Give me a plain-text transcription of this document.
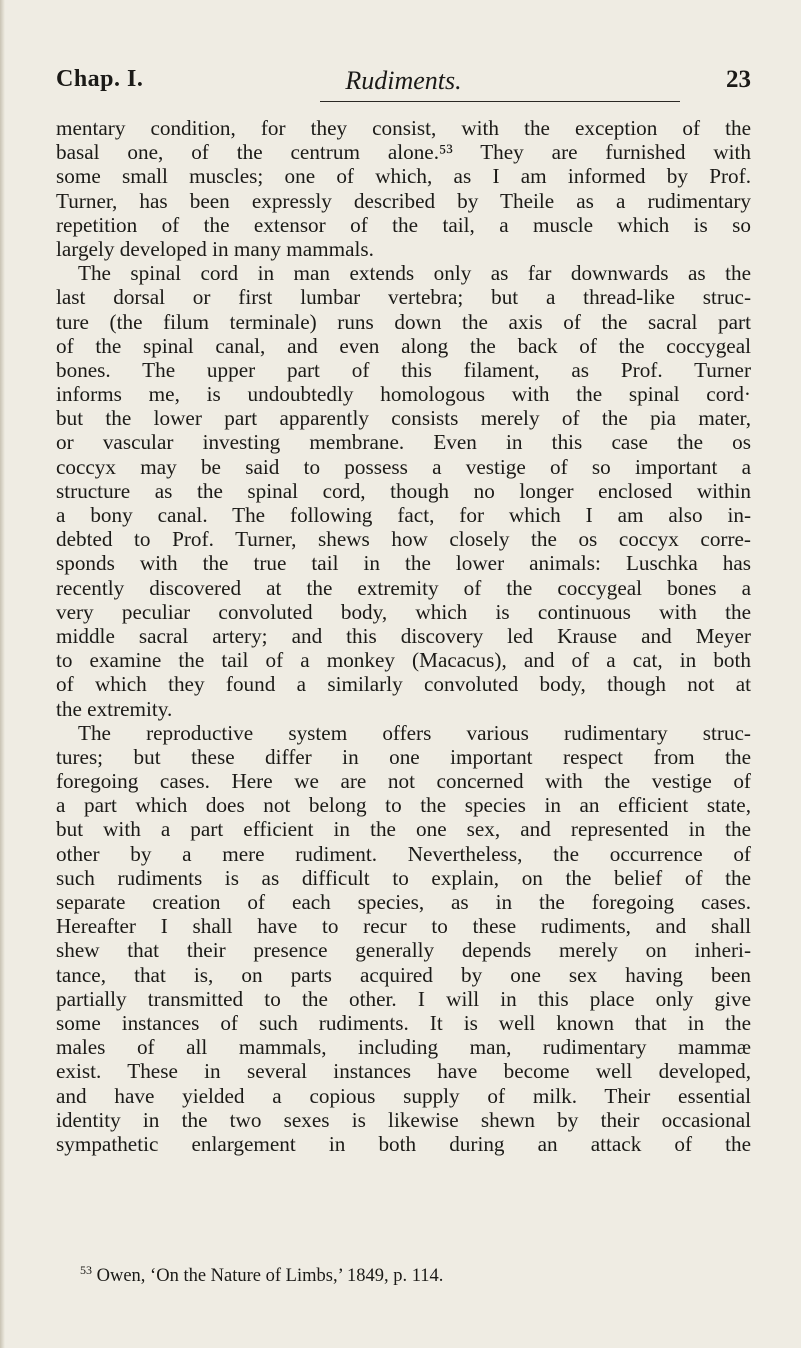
Chap. I.	Rudiments.	23
mentary condition, for they consist, with the exception of the
basal one, of the centrum alone.⁵³ They are furnished with
some small muscles; one of which, as I am informed by Prof.
Turner, has been expressly described by Theile as a rudimentary
repetition of the extensor of the tail, a muscle which is so
largely developed in many mammals.
The spinal cord in man extends only as far downwards as the
last dorsal or first lumbar vertebra; but a thread-like struc-
ture (the filum terminale) runs down the axis of the sacral part
of the spinal canal, and even along the back of the coccygeal
bones. The upper part of this filament, as Prof. Turner
informs me, is undoubtedly homologous with the spinal cord·
but the lower part apparently consists merely of the pia mater,
or vascular investing membrane. Even in this case the os
coccyx may be said to possess a vestige of so important a
structure as the spinal cord, though no longer enclosed within
a bony canal. The following fact, for which I am also in-
debted to Prof. Turner, shews how closely the os coccyx corre-
sponds with the true tail in the lower animals: Luschka has
recently discovered at the extremity of the coccygeal bones a
very peculiar convoluted body, which is continuous with the
middle sacral artery; and this discovery led Krause and Meyer
to examine the tail of a monkey (Macacus), and of a cat, in both
of which they found a similarly convoluted body, though not at
the extremity.
The reproductive system offers various rudimentary struc-
tures; but these differ in one important respect from the
foregoing cases. Here we are not concerned with the vestige of
a part which does not belong to the species in an efficient state,
but with a part efficient in the one sex, and represented in the
other by a mere rudiment. Nevertheless, the occurrence of
such rudiments is as difficult to explain, on the belief of the
separate creation of each species, as in the foregoing cases.
Hereafter I shall have to recur to these rudiments, and shall
shew that their presence generally depends merely on inheri-
tance, that is, on parts acquired by one sex having been
partially transmitted to the other. I will in this place only give
some instances of such rudiments. It is well known that in the
males of all mammals, including man, rudimentary mammæ
exist. These in several instances have become well developed,
and have yielded a copious supply of milk. Their essential
identity in the two sexes is likewise shewn by their occasional
sympathetic enlargement in both during an attack of the
$^{53}$ Owen, ‘On the Nature of Limbs,’ 1849, p. 114.
